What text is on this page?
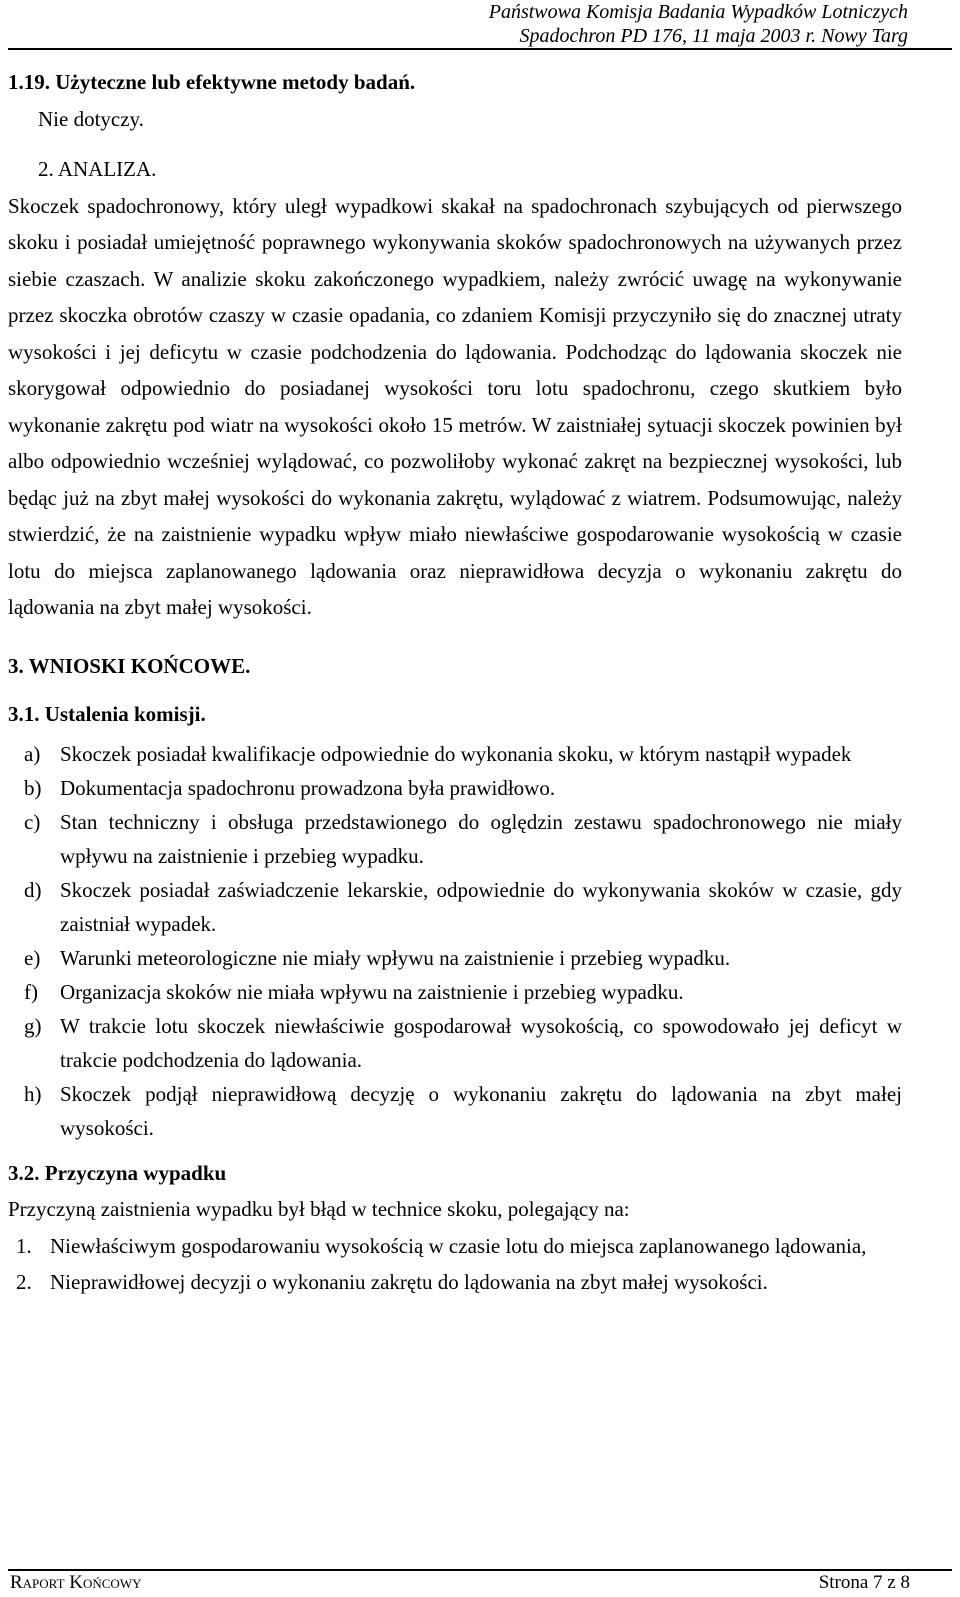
Państwowa Komisja Badania Wypadków Lotniczych
Spadochron PD 176, 11 maja 2003 r. Nowy Targ
1.19. Użyteczne lub efektywne metody badań.
Nie dotyczy.
2. ANALIZA.
Skoczek spadochronowy, który uległ wypadkowi skakał na spadochronach szybujących od pierwszego skoku i posiadał umiejętność poprawnego wykonywania skoków spadochronowych na używanych przez siebie czaszach. W analizie skoku zakończonego wypadkiem, należy zwrócić uwagę na wykonywanie przez skoczka obrotów czaszy w czasie opadania, co zdaniem Komisji przyczyniło się do znacznej utraty wysokości i jej deficytu w czasie podchodzenia do lądowania. Podchodząc do lądowania skoczek nie skorygował odpowiednio do posiadanej wysokości toru lotu spadochronu, czego skutkiem było wykonanie zakrętu pod wiatr na wysokości około 15 metrów. W zaistniałej sytuacji skoczek powinien był albo odpowiednio wcześniej wylądować, co pozwoliłoby wykonać zakręt na bezpiecznej wysokości, lub będąc już na zbyt małej wysokości do wykonania zakrętu, wylądować z wiatrem. Podsumowując, należy stwierdzić, że na zaistnienie wypadku wpływ miało niewłaściwe gospodarowanie wysokością w czasie lotu do miejsca zaplanowanego lądowania oraz nieprawidłowa decyzja o wykonaniu zakrętu do lądowania na zbyt małej wysokości.
3. WNIOSKI KOŃCOWE.
3.1. Ustalenia komisji.
a) Skoczek posiadał kwalifikacje odpowiednie do wykonania skoku, w którym nastąpił wypadek
b) Dokumentacja spadochronu prowadzona była prawidłowo.
c) Stan techniczny i obsługa przedstawionego do oględzin zestawu spadochronowego nie miały wpływu na zaistnienie i przebieg wypadku.
d) Skoczek posiadał zaświadczenie lekarskie, odpowiednie do wykonywania skoków w czasie, gdy zaistniał wypadek.
e) Warunki meteorologiczne nie miały wpływu na zaistnienie i przebieg wypadku.
f) Organizacja skoków nie miała wpływu na zaistnienie i przebieg wypadku.
g) W trakcie lotu skoczek niewłaściwie gospodarował wysokością, co spowodowało jej deficyt w trakcie podchodzenia do lądowania.
h) Skoczek podjął nieprawidłową decyzję o wykonaniu zakrętu do lądowania na zbyt małej wysokości.
3.2. Przyczyna wypadku
Przyczyną zaistnienia wypadku był błąd w technice skoku, polegający na:
1. Niewłaściwym gospodarowaniu wysokością w czasie lotu do miejsca zaplanowanego lądowania,
2. Nieprawidłowej decyzji o wykonaniu zakrętu do lądowania na zbyt małej wysokości.
Raport Końcowy	Strona 7 z 8
